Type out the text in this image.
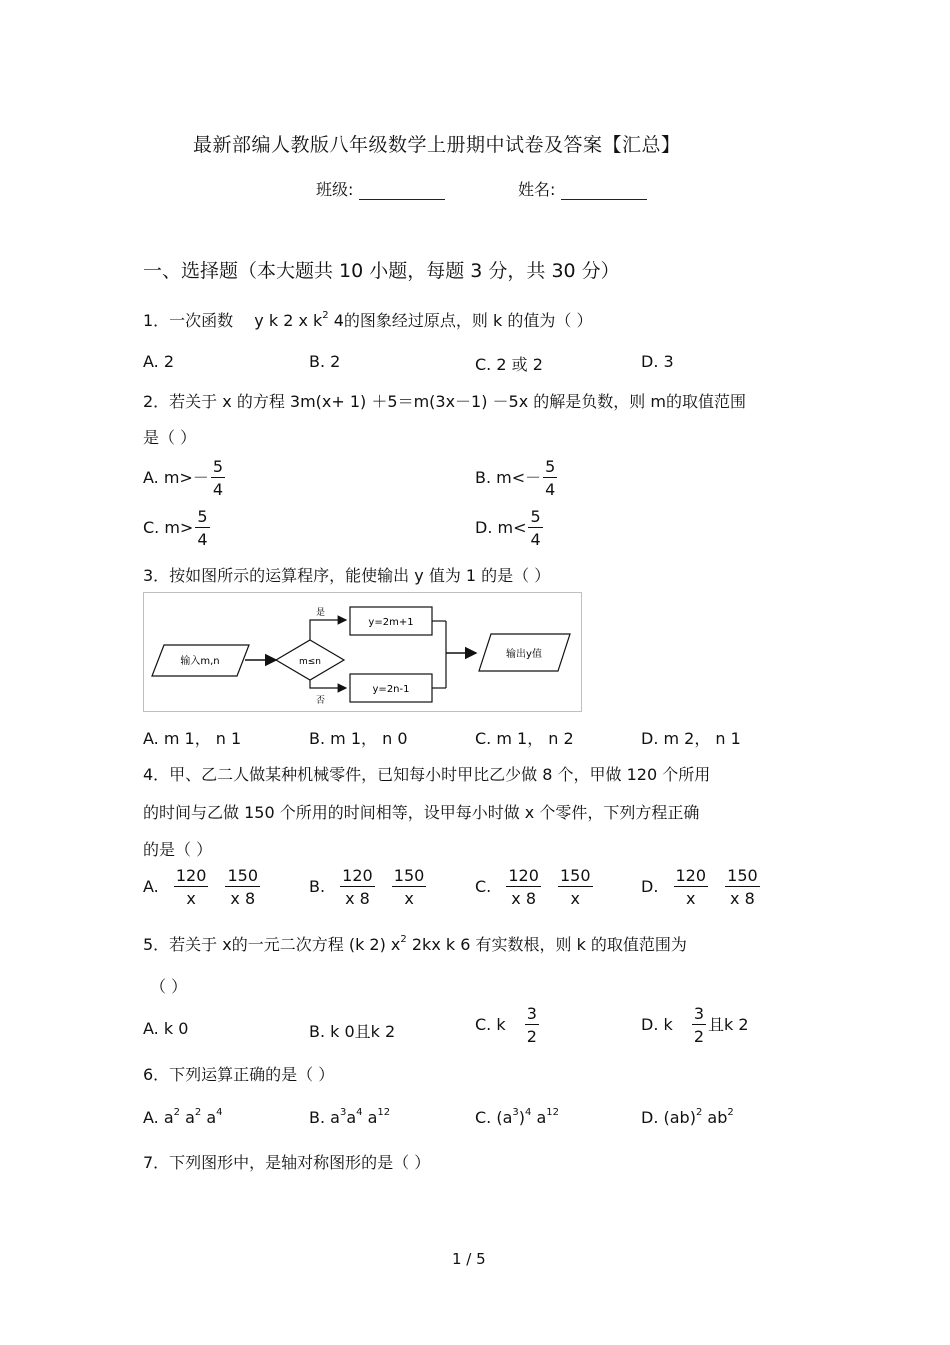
最新部编人教版八年级数学上册期中试卷及答案【汇总】
班级:	姓名:
一、选择题（本大题共 10 小题，每题 3 分，共 30 分）
1．一次函数 y k 2 x $k^2$ 4的图象经过原点，则 k 的值为（ ）
A. 2	B. 2	C. 2 或 2	D. 3
2．若关于 x 的方程 3m(x+ 1) ＋5＝m(3x－1) －5x 的解是负数，则 m的取值范围
是（ ）
A. $m>- \frac{5}{4}$	B. $m<- \frac{5}{4}$
C. $m> \frac{5}{4}$	D. $m< \frac{5}{4}$
3．按如图所示的运算程序，能使输出 y 值为 1 的是（ ）
输入m,n	m≤n
是
y=2m+1
否
y=2n-1
输出y值
A. m 1， n 1	B. m 1， n 0	C. m 1， n 2	D. m 2， n 1
4．甲、乙二人做某种机械零件，已知每小时甲比乙少做 8 个，甲做 120 个所用
的时间与乙做 150 个所用的时间相等，设甲每小时做 x 个零件，下列方程正确
的是（ ）
A. $\frac{120}{x}$
$\frac{150}{x 8}$	B. $\frac{120}{x 8}$
$\frac{150}{x}$	C. $\frac{120}{x 8}$
$\frac{150}{x}$	D. $\frac{120}{x}$
$\frac{150}{x 8}$
5．若关于 x的一元二次方程 (k 2) $x^2$ 2kx k 6 有实数根，则 k 的取值范围为
（ ）
A. k 0	B. k 0且k 2	C. k $\frac{3}{2}$	D. k $\frac{3}{2}$ 且k 2
6．下列运算正确的是（ ）
A. $a^2$ $a^2$ $a^4$	B. $a^3a^4$ $a^{12}$	C. $(a^3)^4$ $a^{12}$	D. (ab)$^2$ $ab^2$
7．下列图形中，是轴对称图形的是（ ）
1 / 5
